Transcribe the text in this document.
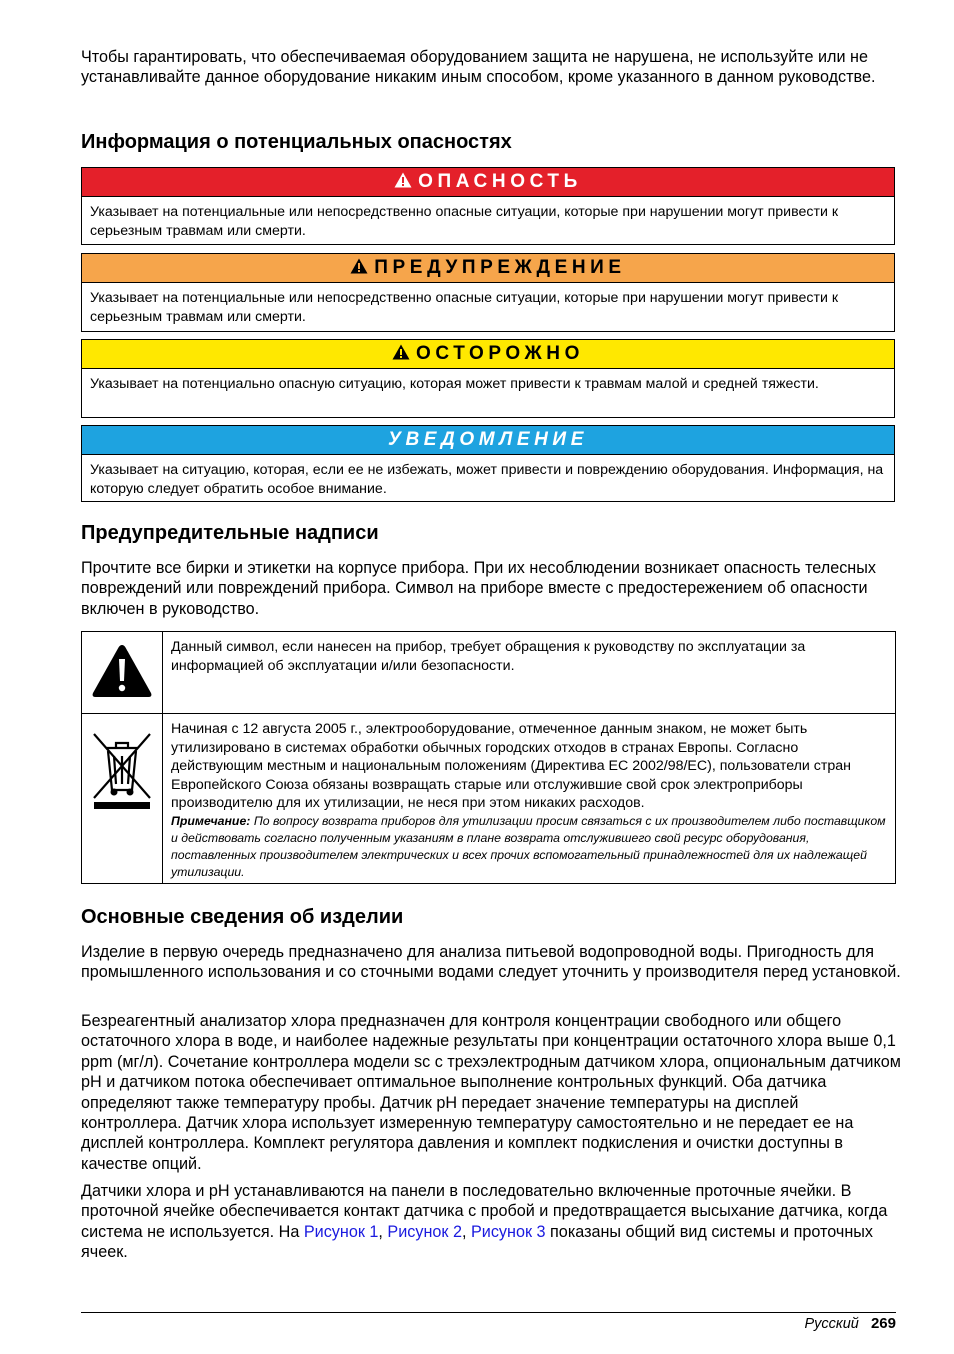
Чтобы гарантировать, что обеспечиваемая оборудованием защита не нарушена, не используйте или не устанавливайте данное оборудование никаким иным способом, кроме указанного в данном руководстве.

Информация о потенциальных опасностях
ОПАСНОСТЬ
Указывает на потенциальные или непосредственно опасные ситуации, которые при нарушении могут привести к серьезным травмам или смерти.
ПРЕДУПРЕЖДЕНИЕ
Указывает на потенциальные или непосредственно опасные ситуации, которые при нарушении могут привести к серьезным травмам или смерти.
ОСТОРОЖНО
Указывает на потенциально опасную ситуацию, которая может привести к травмам малой и средней тяжести.
УВЕДОМЛЕНИЕ
Указывает на ситуацию, которая, если ее не избежать, может привести и повреждению оборудования. Информация, на которую следует обратить особое внимание.
Предупредительные надписи

Прочтите все бирки и этикетки на корпусе прибора. При их несоблюдении возникает опасность телесных повреждений или повреждений прибора. Символ на приборе вместе с предостережением об опасности включен в руководство.

	Данный символ, если нанесен на прибор, требует обращения к руководству по эксплуатации за информацией об эксплуатации и/или безопасности.

Начиная с 12 августа 2005 г., электрооборудование, отмеченное данным знаком, не может быть утилизировано в системах обработки обычных городских отходов в странах Европы. Согласно действующим местным и национальным положениям (Директива ЕС 2002/98/ЕС), пользователи стран Европейского Союза обязаны возвращать старые или отслужившие свой срок электроприборы производителю для их утилизации, не неся при этом никаких расходов.
Примечание: По вопросу возврата приборов для утилизации просим связаться с их производителем либо поставщиком и действовать согласно полученным указаниям в плане возврата отслужившего свой ресурс оборудования, поставленных производителем электрических и всех прочих вспомогательный принадлежностей для их надлежащей утилизации.
Основные сведения об изделии

Изделие в первую очередь предназначено для анализа питьевой водопроводной воды. Пригодность для промышленного использования и со сточными водами следует уточнить у производителя перед установкой.

Безреагентный анализатор хлора предназначен для контроля концентрации свободного или общего остаточного хлора в воде, и наиболее надежные результаты при концентрации остаточного хлора выше 0,1 ppm (мг/л). Сочетание контроллера модели sc с трехэлектродным датчиком хлора, опциональным датчиком pH и датчиком потока обеспечивает оптимальное выполнение контрольных функций. Оба датчика определяют также температуру пробы. Датчик pH передает значение температуры на дисплей контроллера. Датчик хлора использует измеренную температуру самостоятельно и не передает ее на дисплей контроллера. Комплект регулятора давления и комплект подкисления и очистки доступны в качестве опций.

Датчики хлора и pH устанавливаются на панели в последовательно включенные проточные ячейки. В проточной ячейке обеспечивается контакт датчика с пробой и предотвращается высыхание датчика, когда система не используется. На Рисунок 1, Рисунок 2, Рисунок 3 показаны общий вид системы и проточных ячеек.

Русский 269
